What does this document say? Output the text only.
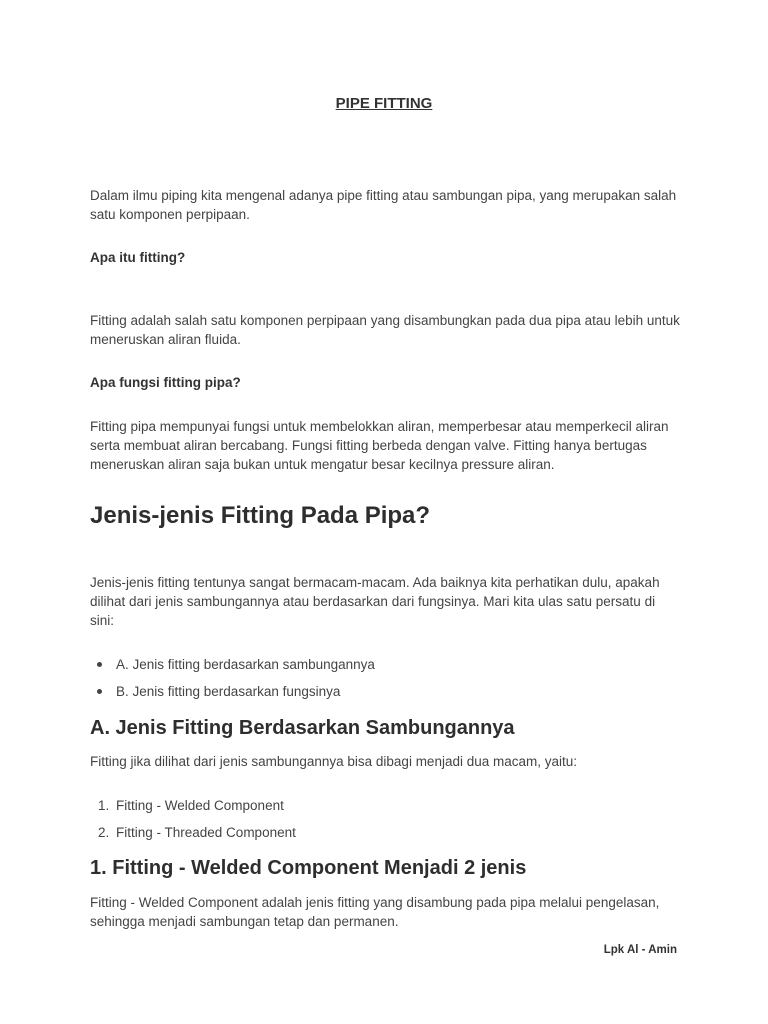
PIPE FITTING

Dalam ilmu piping kita mengenal adanya pipe fitting atau sambungan pipa, yang merupakan salah satu komponen perpipaan.

Apa itu fitting?

Fitting adalah salah satu komponen perpipaan yang disambungkan pada dua pipa atau lebih untuk meneruskan aliran fluida.

Apa fungsi fitting pipa?

Fitting pipa mempunyai fungsi untuk membelokkan aliran, memperbesar atau memperkecil aliran serta membuat aliran bercabang. Fungsi fitting berbeda dengan valve. Fitting hanya bertugas meneruskan aliran saja bukan untuk mengatur besar kecilnya pressure aliran.

Jenis-jenis Fitting Pada Pipa?

Jenis-jenis fitting tentunya sangat bermacam-macam. Ada baiknya kita perhatikan dulu, apakah dilihat dari jenis sambungannya atau berdasarkan dari fungsinya. Mari kita ulas satu persatu di sini:

A. Jenis fitting berdasarkan sambungannya
B. Jenis fitting berdasarkan fungsinya
A. Jenis Fitting Berdasarkan Sambungannya

Fitting jika dilihat dari jenis sambungannya bisa dibagi menjadi dua macam, yaitu:

1. Fitting - Welded Component
2. Fitting - Threaded Component
1. Fitting - Welded Component Menjadi 2 jenis

Fitting - Welded Component adalah jenis fitting yang disambung pada pipa melalui pengelasan, sehingga menjadi sambungan tetap dan permanen.

Lpk Al - Amin
